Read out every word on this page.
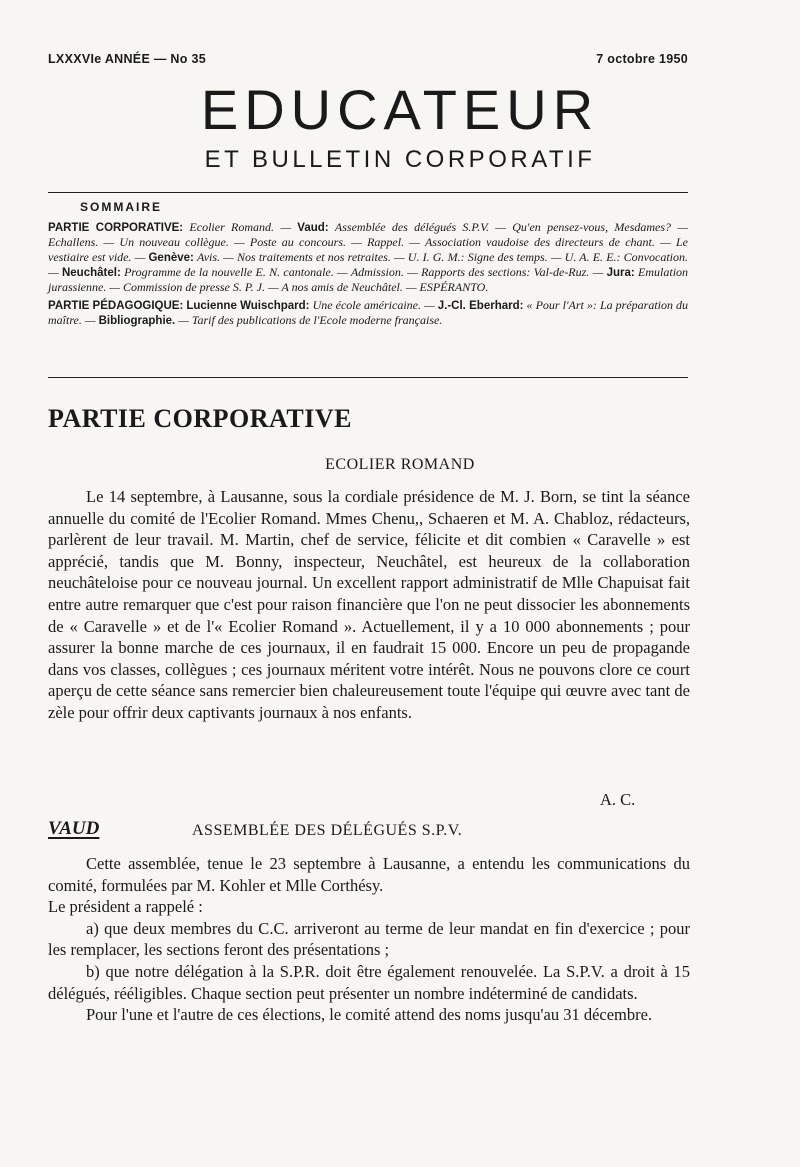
LXXXVIe ANNÉE — No 35	7 octobre 1950
EDUCATEUR
ET BULLETIN CORPORATIF
SOMMAIRE
PARTIE CORPORATIVE: Ecolier Romand. — Vaud: Assemblée des délégués S.P.V. — Qu'en pensez-vous, Mesdames? — Echallens. — Un nouveau collègue. — Poste au concours. — Rappel. — Association vaudoise des directeurs de chant. — Le vestiaire est vide. — Genève: Avis. — Nos traitements et nos retraites. — U. I. G. M.: Signe des temps. — U. A. E. E.: Convocation. — Neuchâtel: Programme de la nouvelle E. N. cantonale. — Admission. — Rapports des sections: Val-de-Ruz. — Jura: Emulation jurassienne. — Commission de presse S. P. J. — A nos amis de Neuchâtel. — ESPÉRANTO.
PARTIE PÉDAGOGIQUE: Lucienne Wuischpard: Une école américaine. — J.-Cl. Eberhard: « Pour l'Art »: La préparation du maître. — Bibliographie. — Tarif des publications de l'Ecole moderne française.
PARTIE CORPORATIVE
ECOLIER ROMAND

Le 14 septembre, à Lausanne, sous la cordiale présidence de M. J. Born, se tint la séance annuelle du comité de l'Ecolier Romand. Mmes Chenu,, Schaeren et M. A. Chabloz, rédacteurs, parlèrent de leur travail. M. Martin, chef de service, félicite et dit combien « Caravelle » est apprécié, tandis que M. Bonny, inspecteur, Neuchâtel, est heureux de la collaboration neuchâteloise pour ce nouveau journal. Un excellent rapport administratif de Mlle Chapuisat fait entre autre remarquer que c'est pour raison financière que l'on ne peut dissocier les abonnements de « Caravelle » et de l'« Ecolier Romand ». Actuellement, il y a 10 000 abonnements ; pour assurer la bonne marche de ces journaux, il en faudrait 15 000. Encore un peu de propagande dans vos classes, collègues ; ces journaux méritent votre intérêt. Nous ne pouvons clore ce court aperçu de cette séance sans remercier bien chaleureusement toute l'équipe qui œuvre avec tant de zèle pour offrir deux captivants journaux à nos enfants.

A. C.
VAUD	ASSEMBLÉE DES DÉLÉGUÉS S.P.V.

Cette assemblée, tenue le 23 septembre à Lausanne, a entendu les communications du comité, formulées par M. Kohler et Mlle Corthésy.

Le président a rappelé :

a) que deux membres du C.C. arriveront au terme de leur mandat en fin d'exercice ; pour les remplacer, les sections feront des présentations ;

b) que notre délégation à la S.P.R. doit être également renouvelée. La S.P.V. a droit à 15 délégués, rééligibles. Chaque section peut présenter un nombre indéterminé de candidats.

Pour l'une et l'autre de ces élections, le comité attend des noms jusqu'au 31 décembre.
